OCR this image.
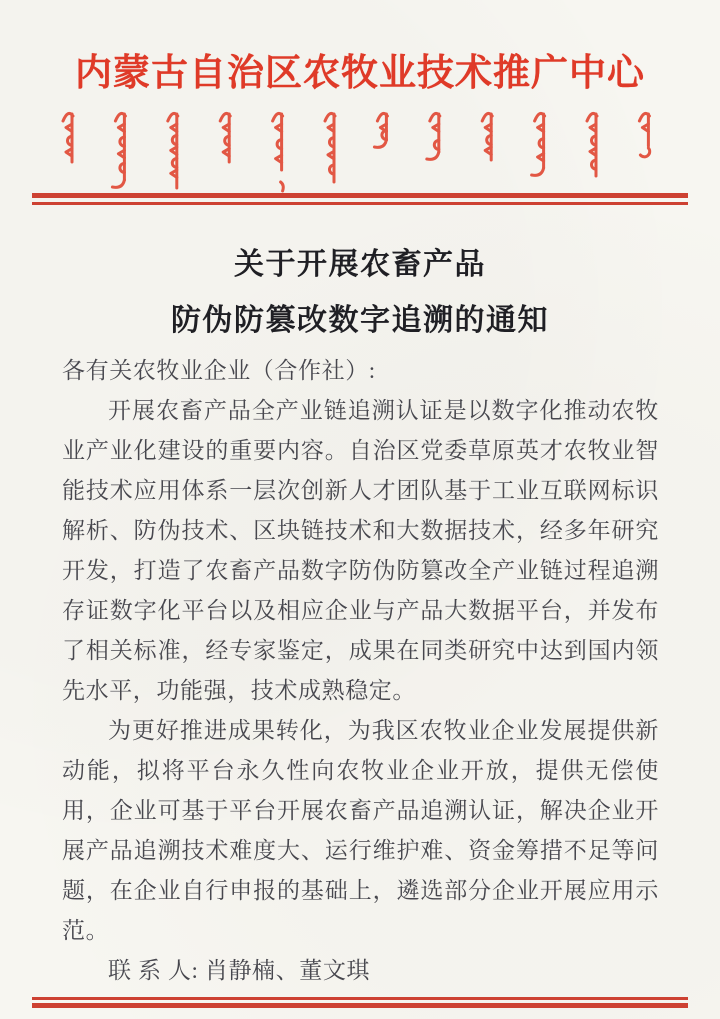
内蒙古自治区农牧业技术推广中心
关于开展农畜产品
防伪防篡改数字追溯的通知

各有关农牧业企业（合作社）:

开展农畜产品全产业链追溯认证是以数字化推动农牧业产业化建设的重要内容。自治区党委草原英才农牧业智能技术应用体系一层次创新人才团队基于工业互联网标识解析、防伪技术、区块链技术和大数据技术，经多年研究开发，打造了农畜产品数字防伪防篡改全产业链过程追溯存证数字化平台以及相应企业与产品大数据平台，并发布了相关标准，经专家鉴定，成果在同类研究中达到国内领先水平，功能强，技术成熟稳定。

为更好推进成果转化，为我区农牧业企业发展提供新动能，拟将平台永久性向农牧业企业开放，提供无偿使用，企业可基于平台开展农畜产品追溯认证，解决企业开展产品追溯技术难度大、运行维护难、资金筹措不足等问题，在企业自行申报的基础上，遴选部分企业开展应用示范。

联 系 人: 肖静楠、董文琪
